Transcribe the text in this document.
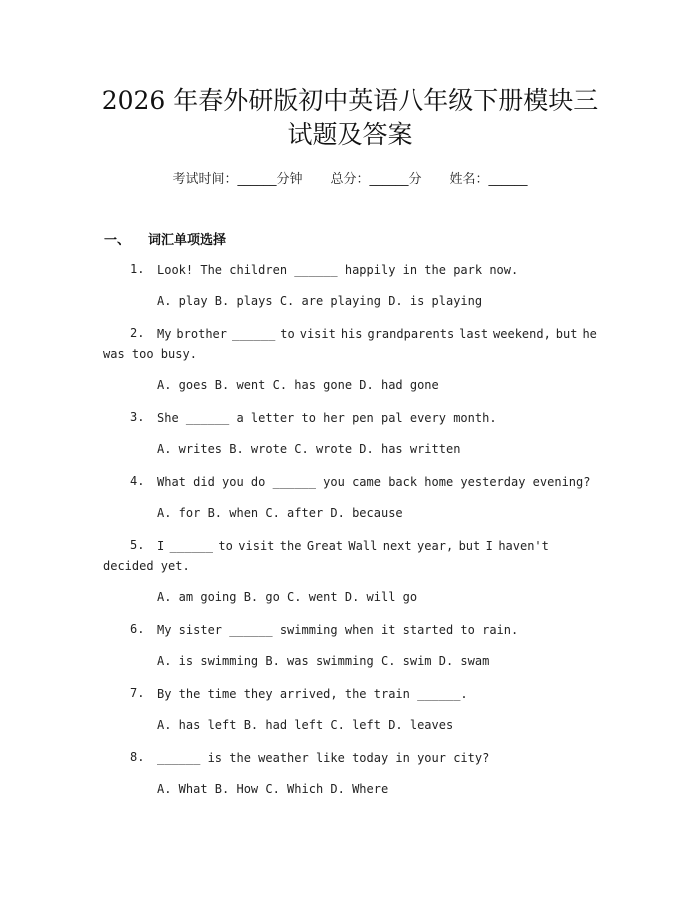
2026 年春外研版初中英语八年级下册模块三
试题及答案
考试时间：______分钟 总分：______分 姓名：______
一、 词汇单项选择
1. Look! The children ______ happily in the park now.
A. play B. plays C. are playing D. is playing
2. My brother ______ to visit his grandparents last weekend, but he
was too busy.
A. goes B. went C. has gone D. had gone
3. She ______ a letter to her pen pal every month.
A. writes B. wrote C. wrote D. has written
4. What did you do ______ you came back home yesterday evening?
A. for B. when C. after D. because
5. I ______ to visit the Great Wall next year, but I haven't
decided yet.
A. am going B. go C. went D. will go
6. My sister ______ swimming when it started to rain.
A. is swimming B. was swimming C. swim D. swam
7. By the time they arrived, the train ______.
A. has left B. had left C. left D. leaves
8. ______ is the weather like today in your city?
A. What B. How C. Which D. Where
